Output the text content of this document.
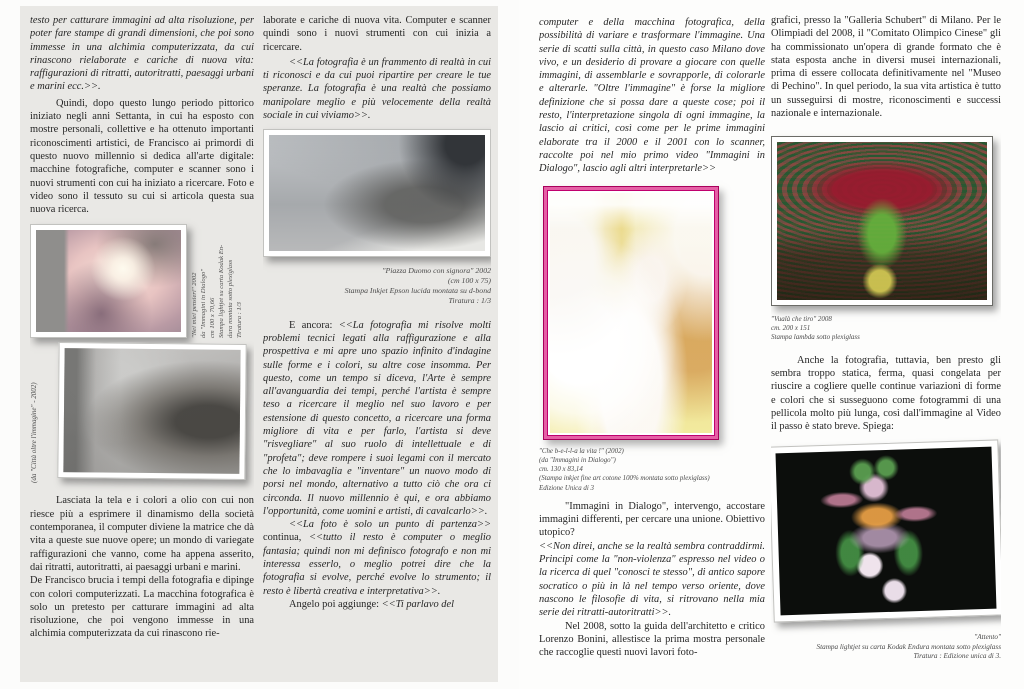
testo per catturare immagini ad alta risoluzione, per poter fare stampe di grandi dimensioni, che poi sono immesse in una alchimia computerizzata, da cui rinascono rielaborate e cariche di nuova vita: raffigurazioni di ritratti, autoritratti, paesaggi urbani e marini ecc.>>.

Quindi, dopo questo lungo periodo pittorico iniziato negli anni Settanta, in cui ha esposto con mostre personali, collettive e ha ottenuto importanti riconoscimenti artistici, de Francisco ai primordi di questo nuovo millennio si dedica all'arte digitale: macchine fotografiche, computer e scanner sono i nuovi strumenti con cui ha iniziato a ricercare. Foto e video sono il tessuto su cui si articola questa sua nuova ricerca.

"Nei miei pensieri" 2002 da "Immagini in Dialogo" cm 100 x 70,66 Stampa lightjet su carta Kodak En- dura montata sotto plexiglass Tiratura : 1/3
(da "Città oltre l'immagine" - 2002)

Lasciata la tela e i colori a olio con cui non riesce più a esprimere il dinamismo della società contemporanea, il computer diviene la matrice che dà vita a queste sue nuove opere; un mondo di variegate raffigurazioni che vanno, come ha appena asserito, dai ritratti, autoritratti, ai paesaggi urbani e marini.

De Francisco brucia i tempi della fotografia e dipinge con colori computerizzati. La macchina fotografica è solo un pretesto per catturare immagini ad alta risoluzione, che poi vengono immesse in una alchimia computerizzata da cui rinascono rie-

laborate e cariche di nuova vita. Computer e scanner quindi sono i nuovi strumenti con cui inizia a ricercare.

<<La fotografia è un frammento di realtà in cui ti riconosci e da cui puoi ripartire per creare le tue speranze. La fotografia è una realtà che possiamo manipolare meglio e più velocemente della realtà sociale in cui viviamo>>.

"Piazza Duomo con signora" 2002
(cm 100 x 75)
Stampa Inkjet Epson lucida montata su d-bond
Tiratura : 1/3

E ancora: <<La fotografia mi risolve molti problemi tecnici legati alla raffigurazione e alla prospettiva e mi apre uno spazio infinito d'indagine sulle forme e i colori, su altre cose insomma. Per questo, come un tempo si diceva, l'Arte è sempre all'avanguardia dei tempi, perché l'artista è sempre teso a ricercare il meglio nel suo lavoro e per estensione di questo concetto, a ricercare una forma migliore di vita e per farlo, l'artista si deve "risvegliare" al suo ruolo di intellettuale e di "profeta"; deve rompere i suoi legami con il mercato che lo imbavaglia e "inventare" un nuovo modo di porsi nel mondo, alternativo a tutto ciò che ora ci circonda. Il nuovo millennio è qui, e ora abbiamo l'opportunità, come uomini e artisti, di cavalcarlo>>.

<<La foto è solo un punto di partenza>> continua, <<tutto il resto è computer o meglio fantasia; quindi non mi definisco fotografo e non mi interessa esserlo, o meglio potrei dire che la fotografia si evolve, perché evolve lo strumento; il resto è libertà creativa e interpretativa>>.

Angelo poi aggiunge: <<Ti parlavo del

computer e della macchina fotografica, della possibilità di variare e trasformare l'immagine. Una serie di scatti sulla città, in questo caso Milano dove vivo, e un desiderio di provare a giocare con quelle immagini, di assemblarle e sovrapporle, di colorarle e alterarle. "Oltre l'immagine" è forse la migliore definizione che si possa dare a queste cose; poi il resto, l'interpretazione singola di ogni immagine, la lascio ai critici, così come per le prime immagini elaborate tra il 2000 e il 2001 con lo scanner, raccolte poi nel mio primo video "Immagini in Dialogo", lascio agli altri interpretarle>>

"Che b-e-l-l-a la vita !" (2002)
(da "Immagini in Dialogo")
cm. 130 x 83,14
(Stampa inkjet fine art cotone 100% montata sotto plexiglass)
Edizione Unica di 3

"Immagini in Dialogo", intervengo, accostare immagini differenti, per cercare una unione. Obiettivo utopico?

<<Non direi, anche se la realtà sembra contraddirmi. Principi come la "non-violenza" espresso nel video o la ricerca di quel "conosci te stesso", di antico sapore socratico o più in là nel tempo verso oriente, dove nascono le filosofie di vita, si ritrovano nella mia serie dei ritratti-autoritratti>>.

Nel 2008, sotto la guida dell'architetto e critico Lorenzo Bonini, allestisce la prima mostra personale che raccoglie questi nuovi lavori foto-

grafici, presso la "Galleria Schubert" di Milano. Per le Olimpiadi del 2008, il "Comitato Olimpico Cinese" gli ha commissionato un'opera di grande formato che è stata esposta anche in diversi musei internazionali, prima di essere collocata definitivamente nel "Museo di Pechino". In quel periodo, la sua vita artistica è tutto un susseguirsi di mostre, riconoscimenti e successi nazionale e internazionale.

"Vualà che tiro" 2008
cm. 200 x 151
Stampa lambda sotto plexiglass

Anche la fotografia, tuttavia, ben presto gli sembra troppo statica, ferma, quasi congelata per riuscire a cogliere quelle continue variazioni di forme e colori che si susseguono come fotogrammi di una pellicola molto più lunga, così dall'immagine al Video il passo è stato breve. Spiega:

"Attento"
Stampa lightjet su carta Kodak Endura montata sotto plexiglass
Tiratura : Edizione unica di 3.
